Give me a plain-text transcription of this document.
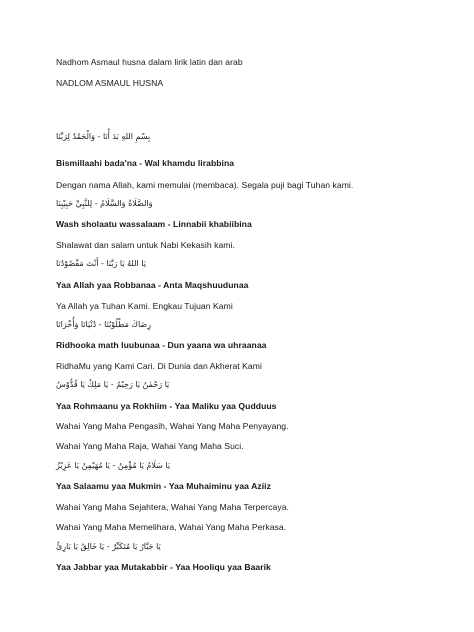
Nadhom Asmaul husna dalam lirik latin dan arab
NADLOM ASMAUL HUSNA
بِسْمِ اللهِ بَدَ أْنَا - وَالْحَمْدُ لِرَبِّنَا
Bismillaahi bada'na - Wal khamdu lirabbina
Dengan nama Allah, kami memulai (membaca). Segala puji bagi Tuhan kami.
وَالصَّلَاةُ وَالسَّلَامُ - لِلنَّبِيِّ حَبِيْبِنَا
Wash sholaatu wassalaam - Linnabii khabiibina
Shalawat dan salam untuk Nabi Kekasih kami.
يَا اللهُ يَا رَبَّنَا - أَنْتَ مَقْصُوْدُنَا
Yaa Allah yaa Robbanaa - Anta Maqshuudunaa
Ya Allah ya Tuhan Kami. Engkau Tujuan Kami
رِضَاكَ مَطْلُوْبُنَا - دُنْيَانَا وَأُخْرَانَا
Ridhooka math luubunaa - Dun yaana wa uhraanaa
RidhaMu yang Kami Cari. Di Dunia dan Akherat Kami
يَا رَحْمٰنُ يَا رَحِيْمُ - يَا مَلِكُ يَا قُدُّوْسُ
Yaa Rohmaanu ya Rokhiim - Yaa Maliku yaa Qudduus
Wahai Yang Maha Pengasih, Wahai Yang Maha Penyayang.
Wahai Yang Maha Raja, Wahai Yang Maha Suci.
يَا سَلَامُ يَا مُؤْمِنُ - يَا مُهَيْمِنُ يَا عَزِيْزُ
Yaa Salaamu yaa Mukmin - Yaa Muhaiminu yaa Aziiz
Wahai Yang Maha Sejahtera, Wahai Yang Maha Terpercaya.
Wahai Yang Maha Memelihara, Wahai Yang Maha Perkasa.
يَا جَبَّارُ يَا مُتَكَبِّرُ - يَا خَالِقُ يَا بَارِئُ
Yaa Jabbar yaa Mutakabbir - Yaa Hooliqu yaa Baarik
